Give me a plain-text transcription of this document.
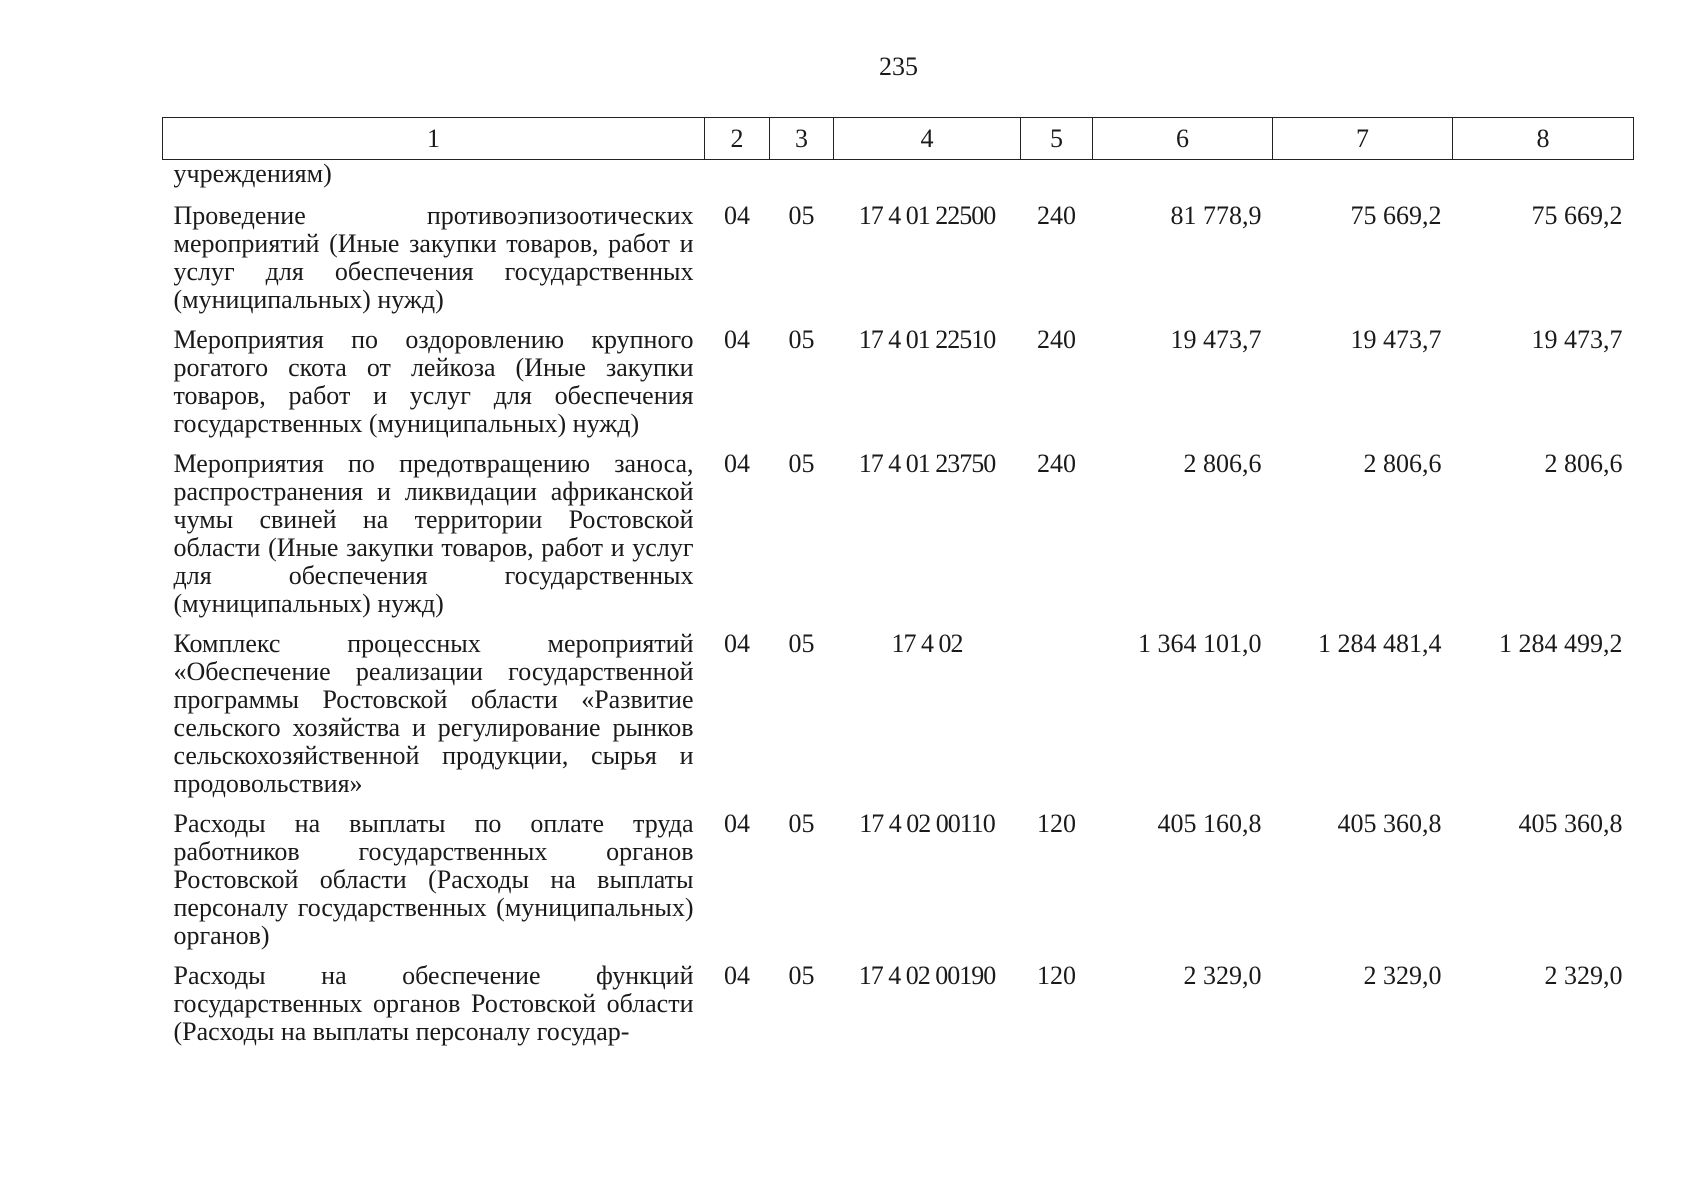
235
1	2	3	4	5	6	7	8
учреждениям)							
Проведение противоэпизоотических мероприятий (Иные закупки товаров, работ и услуг для обеспечения государственных (муниципальных) нужд)	04	05	17 4 01 22500	240	81 778,9	75 669,2	75 669,2
Мероприятия по оздоровлению крупного рогатого скота от лейкоза (Иные закупки товаров, работ и услуг для обеспечения государственных (муниципальных) нужд)	04	05	17 4 01 22510	240	19 473,7	19 473,7	19 473,7
Мероприятия по предотвращению заноса, распространения и ликвидации африканской чумы свиней на территории Ростовской области (Иные закупки товаров, работ и услуг для обеспечения государственных (муниципальных) нужд)	04	05	17 4 01 23750	240	2 806,6	2 806,6	2 806,6
Комплекс процессных мероприятий «Обеспечение реализации государственной программы Ростовской области «Развитие сельского хозяйства и регулирование рынков сельскохозяйственной продукции, сырья и продовольствия»	04	05	17 4 02		1 364 101,0	1 284 481,4	1 284 499,2
Расходы на выплаты по оплате труда работников государственных органов Ростовской области (Расходы на выплаты персоналу государственных (муниципальных) органов)	04	05	17 4 02 00110	120	405 160,8	405 360,8	405 360,8
Расходы на обеспечение функций государственных органов Ростовской области (Расходы на выплаты персоналу государ-	04	05	17 4 02 00190	120	2 329,0	2 329,0	2 329,0
